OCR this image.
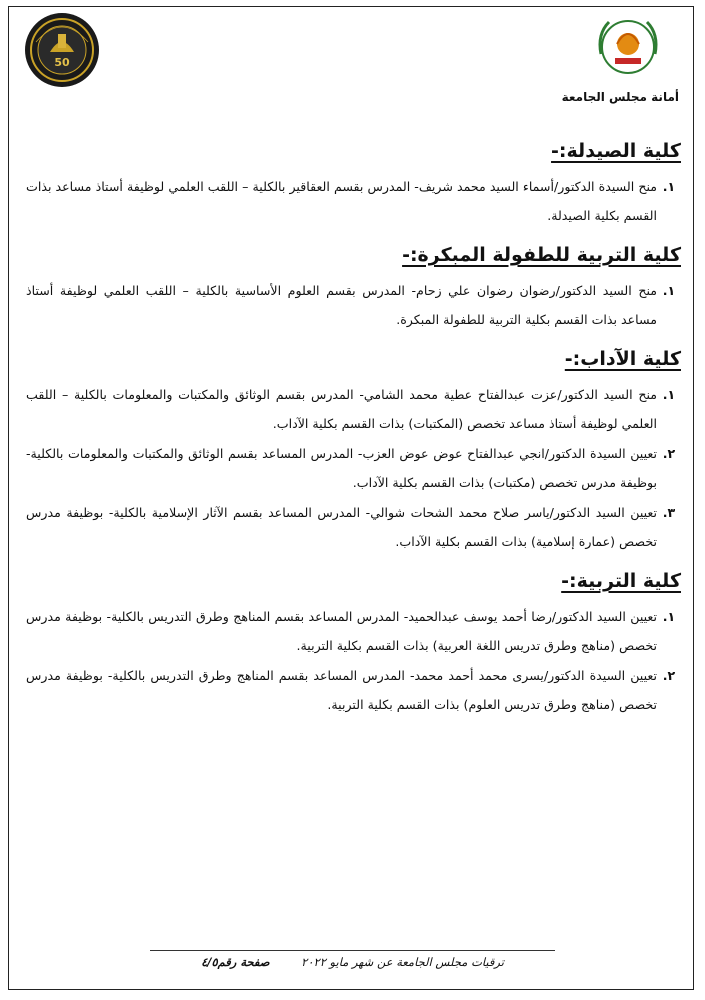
50
أمانة مجلس الجامعة
كلية الصيدلة:-
١.
منح السيدة الدكتور/أسماء السيد محمد شريف- المدرس بقسم العقاقير بالكلية – اللقب العلمي لوظيفة أستاذ مساعد بذات القسم بكلية الصيدلة.
كلية التربية للطفولة المبكرة:-
١.
منح السيد الدكتور/رضوان رضوان علي زحام- المدرس بقسم العلوم الأساسية بالكلية – اللقب العلمي لوظيفة أستاذ مساعد بذات القسم بكلية التربية للطفولة المبكرة.
كلية الآداب:-
١.
منح السيد الدكتور/عزت عبدالفتاح عطية محمد الشامي- المدرس بقسم الوثائق والمكتبات والمعلومات بالكلية – اللقب العلمي لوظيفة أستاذ مساعد تخصص (المكتبات) بذات القسم بكلية الآداب.
٢.
تعيين السيدة الدكتور/انجي عبدالفتاح عوض عوض العزب- المدرس المساعد بقسم الوثائق والمكتبات والمعلومات بالكلية- بوظيفة مدرس تخصص (مكتبات) بذات القسم بكلية الآداب.
٣.
تعيين السيد الدكتور/ياسر صلاح محمد الشحات شوالي- المدرس المساعد بقسم الآثار الإسلامية بالكلية- بوظيفة مدرس تخصص (عمارة إسلامية) بذات القسم بكلية الآداب.
كلية التربية:-
١.
تعيين السيد الدكتور/رضا أحمد يوسف عبدالحميد- المدرس المساعد بقسم المناهج وطرق التدريس بالكلية- بوظيفة مدرس تخصص (مناهج وطرق تدريس اللغة العربية) بذات القسم بكلية التربية.
٢.
تعيين السيدة الدكتور/يسرى محمد أحمد محمد- المدرس المساعد بقسم المناهج وطرق التدريس بالكلية- بوظيفة مدرس تخصص (مناهج وطرق تدريس العلوم) بذات القسم بكلية التربية.
ترقيات مجلس الجامعة عن شهر مايو ٢٠٢٢ صفحة رقم٤/٥
